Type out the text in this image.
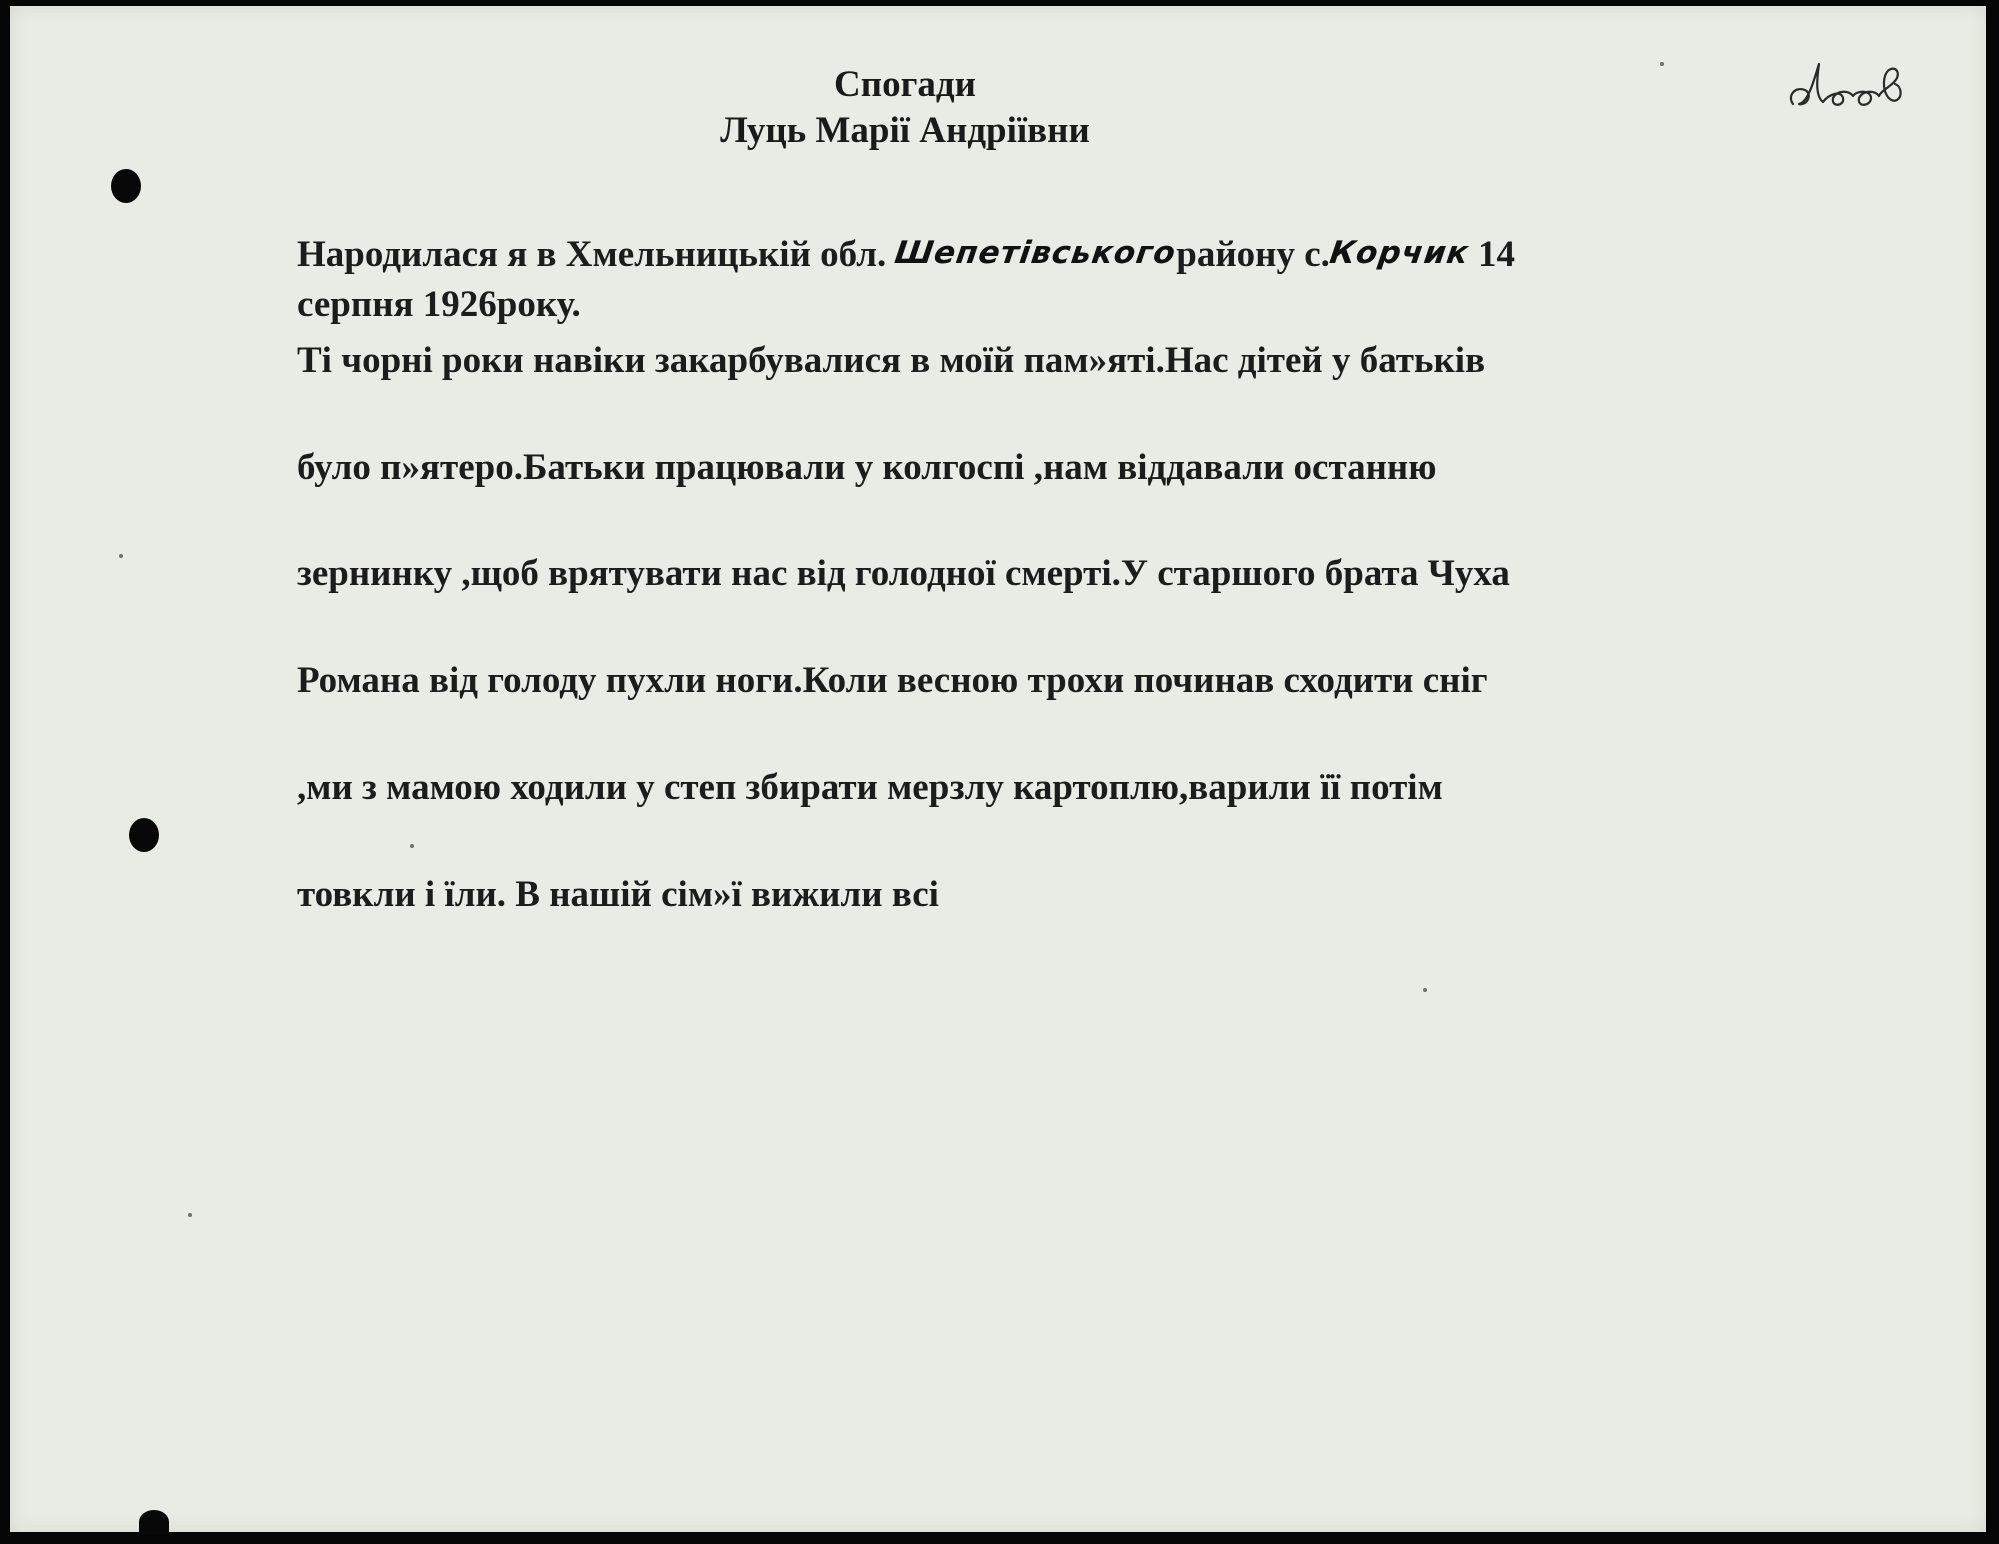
Спогади
Луць Марії Андріївни
Народилася я в Хмельницькій обл. Шепетівськогорайону с.Корчик 14
серпня 1926року.
Ті чорні роки навіки закарбувалися в моїй пам»яті.Нас дітей у батьків
було п»ятеро.Батьки працювали у колгоспі ,нам віддавали останню
зернинку ,щоб врятувати нас від голодної смерті.У старшого брата Чуха
Романа від голоду пухли ноги.Коли весною трохи починав сходити сніг
,ми з мамою ходили у степ збирати мерзлу картоплю,варили її потім
товкли і їли. В нашій сім»ї вижили всі
